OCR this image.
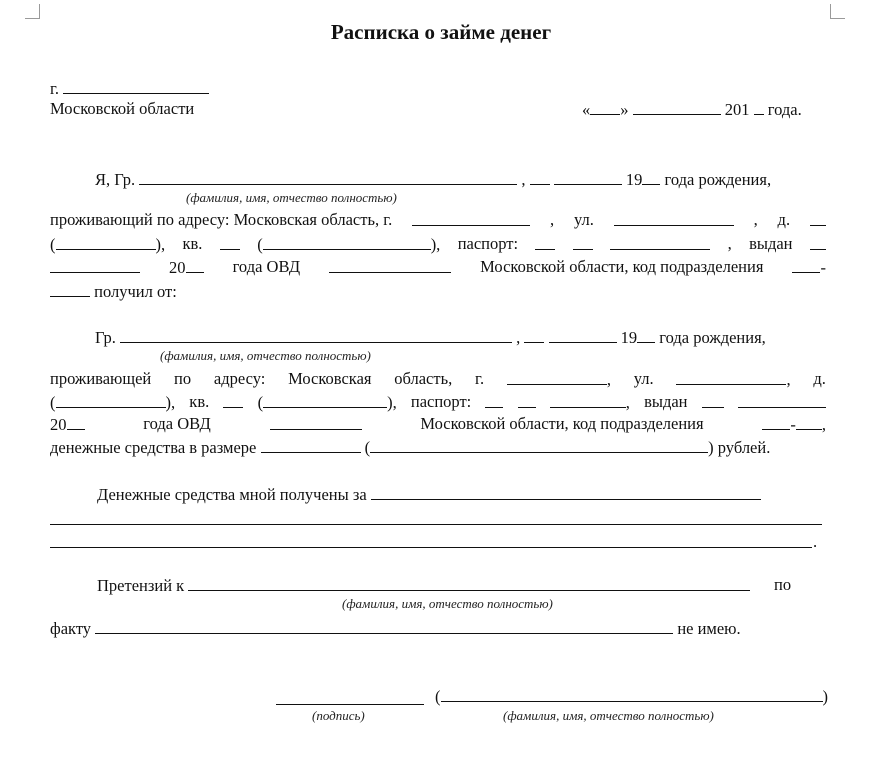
Расписка о займе денег
г.
Московской области	« »	201 года.
Я, Гр.	,	19 года рождения,
(фамилия, имя, отчество полностью)
проживающий по адресу: Московская область, г.	, ул.	, д.
(	), кв.	(	), паспорт:	, выдан
20	года ОВД	Московской области, код подразделения	-
получил от:
Гр.	,	19 года рождения,
(фамилия, имя, отчество полностью)
проживающей по адресу: Московская область, г.	, ул.	, д.
(	), кв.	(	), паспорт:	, выдан
20	года ОВД	Московской области, код подразделения	- ,
денежные средства в размере	(	) рублей.
Денежные средства мной получены за
.
Претензий к	по
(фамилия, имя, отчество полностью)
факту	не имею.
(	)
(подпись)	(фамилия, имя, отчество полностью)
